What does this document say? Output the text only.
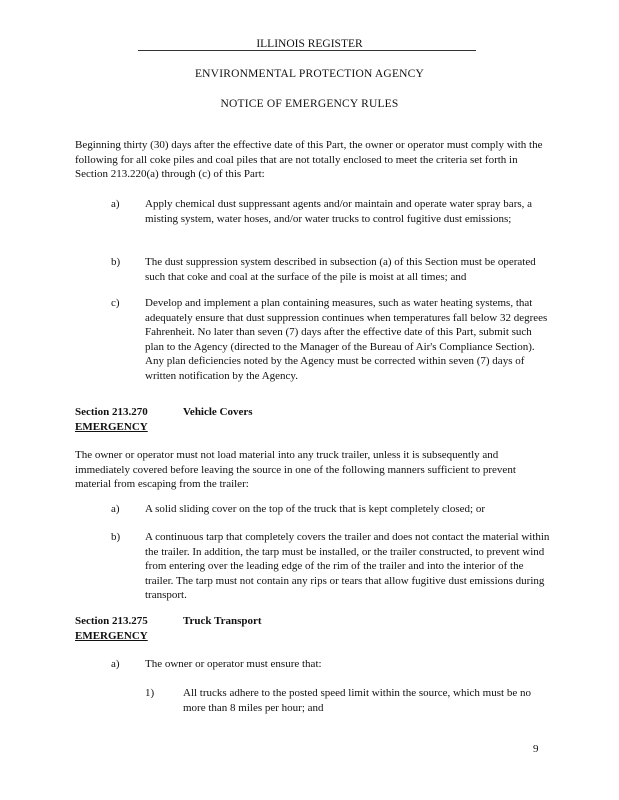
ILLINOIS REGISTER
ENVIRONMENTAL PROTECTION AGENCY
NOTICE OF EMERGENCY RULES
Beginning thirty (30) days after the effective date of this Part, the owner or operator must comply with the following for all coke piles and coal piles that are not totally enclosed to meet the criteria set forth in Section 213.220(a) through (c) of this Part:
a) Apply chemical dust suppressant agents and/or maintain and operate water spray bars, a misting system, water hoses, and/or water trucks to control fugitive dust emissions;
b) The dust suppression system described in subsection (a) of this Section must be operated such that coke and coal at the surface of the pile is moist at all times; and
c) Develop and implement a plan containing measures, such as water heating systems, that adequately ensure that dust suppression continues when temperatures fall below 32 degrees Fahrenheit. No later than seven (7) days after the effective date of this Part, submit such plan to the Agency (directed to the Manager of the Bureau of Air's Compliance Section). Any plan deficiencies noted by the Agency must be corrected within seven (7) days of written notification by the Agency.
Section 213.270
EMERGENCY
Vehicle Covers
The owner or operator must not load material into any truck trailer, unless it is subsequently and immediately covered before leaving the source in one of the following manners sufficient to prevent material from escaping from the trailer:
a) A solid sliding cover on the top of the truck that is kept completely closed; or
b) A continuous tarp that completely covers the trailer and does not contact the material within the trailer. In addition, the tarp must be installed, or the trailer constructed, to prevent wind from entering over the leading edge of the rim of the trailer and into the interior of the trailer. The tarp must not contain any rips or tears that allow fugitive dust emissions during transport.
Section 213.275
EMERGENCY
Truck Transport
a) The owner or operator must ensure that:
1)	All trucks adhere to the posted speed limit within the source, which must be no more than 8 miles per hour; and
9
